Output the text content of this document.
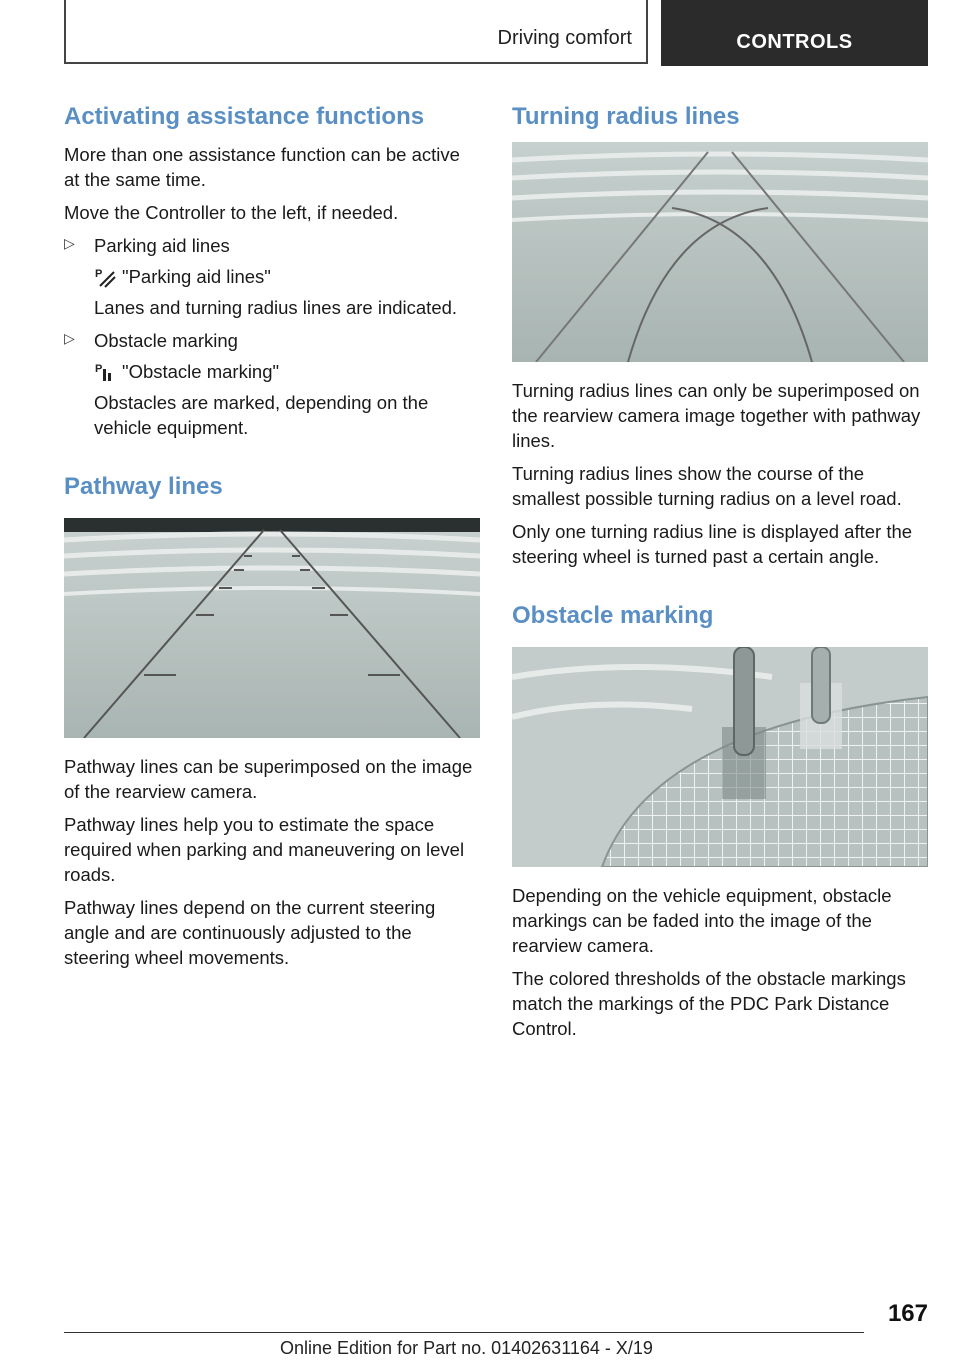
Driving comfort	CONTROLS
Activating assistance functions

More than one assistance function can be active at the same time.

Move the Controller to the left, if needed.

▷ Parking aid lines
P "Parking aid lines"
Lanes and turning radius lines are indicated.
▷ Obstacle marking
P "Obstacle marking"
Obstacles are marked, depending on the vehicle equipment.
Pathway lines

Pathway lines can be superimposed on the image of the rearview camera.

Pathway lines help you to estimate the space required when parking and maneuvering on level roads.

Pathway lines depend on the current steering angle and are continuously adjusted to the steering wheel movements.

Turning radius lines

Turning radius lines can only be superimposed on the rearview camera image together with pathway lines.

Turning radius lines show the course of the smallest possible turning radius on a level road.

Only one turning radius line is displayed after the steering wheel is turned past a certain angle.

Obstacle marking

Depending on the vehicle equipment, obstacle markings can be faded into the image of the rearview camera.

The colored thresholds of the obstacle markings match the markings of the PDC Park Distance Control.

167
Online Edition for Part no. 01402631164 - X/19
